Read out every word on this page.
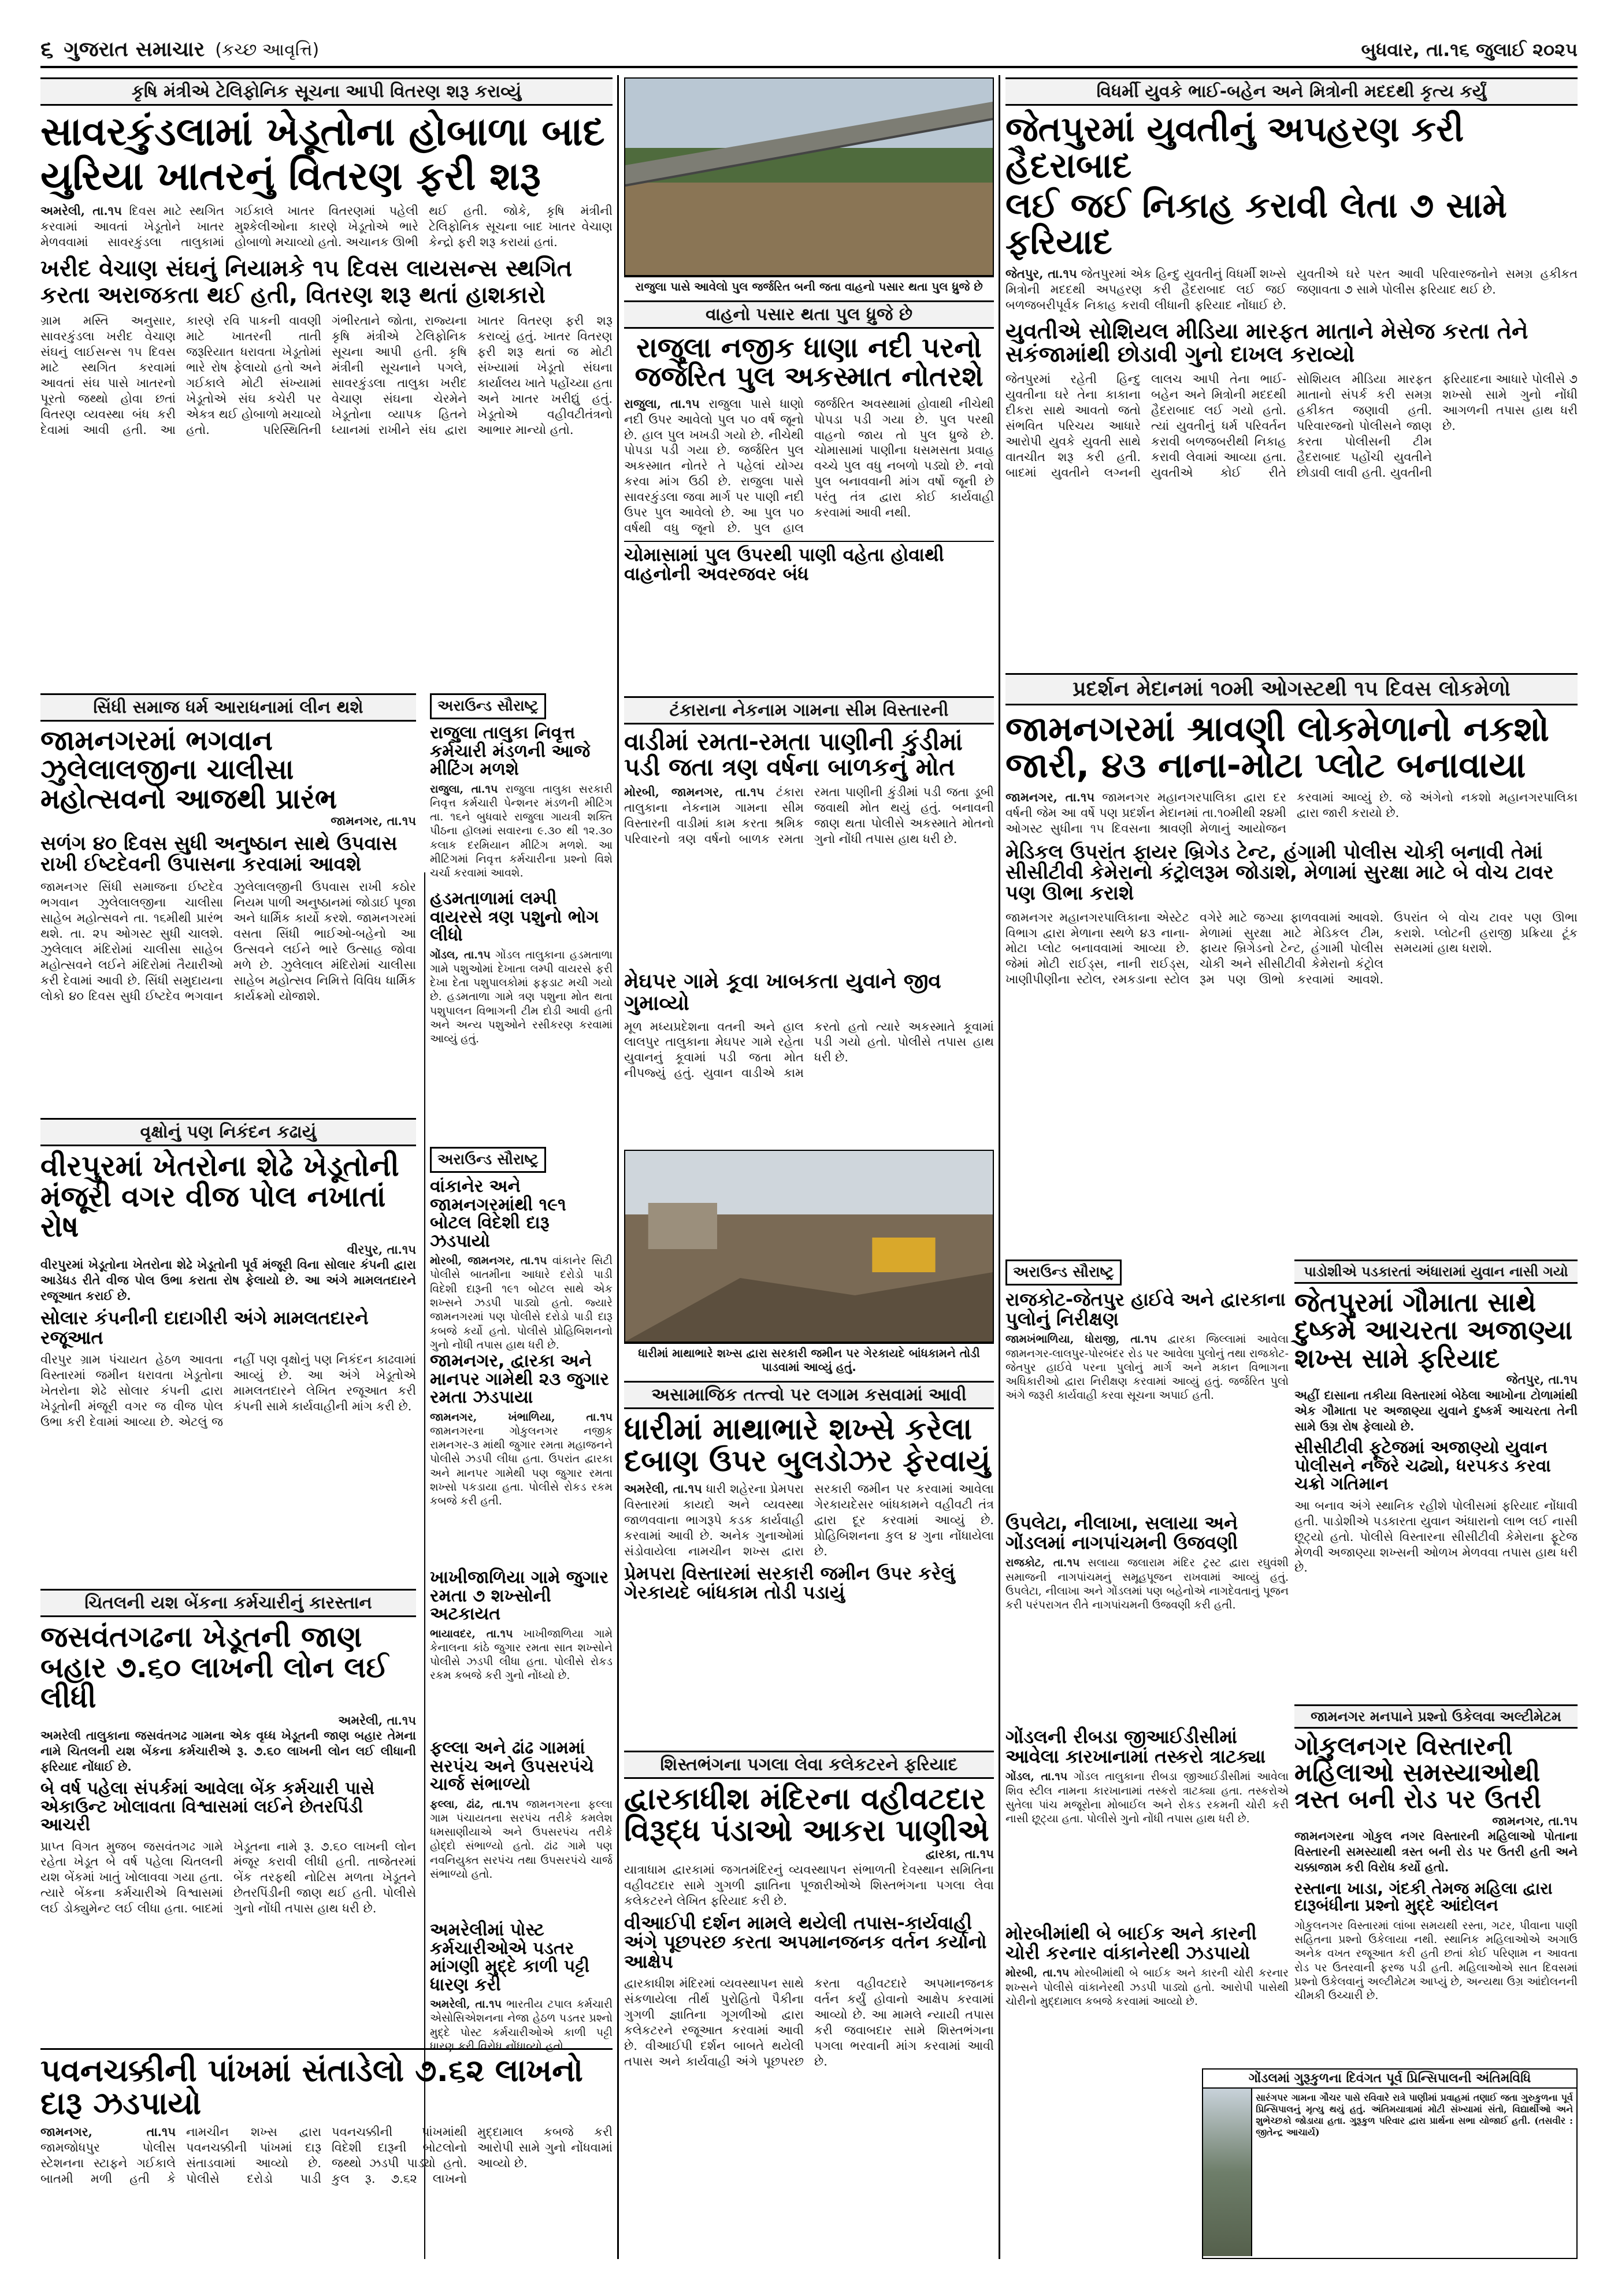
૬ ગુજરાત સમાચાર (કચ્છ આવૃત્તિ)	બુધવાર, તા.૧૬ જુલાઈ ૨૦૨૫
કૃષિ મંત્રીએ ટેલિફોનિક સૂચના આપી વિતરણ શરૂ કરાવ્યું
સાવરકુંડલામાં ખેડૂતોના હોબાળા બાદ
યુરિયા ખાતરનું વિતરણ ફરી શરૂ
અમરેલી, તા.૧૫ દિવસ માટે સ્થગિત કરવામાં આવતાં ખેડૂતોને ખાતર મેળવવામાં સાવરકુંડલા તાલુકામાં ગઈકાલે ખાતર વિતરણમાં પહેલી મુશ્કેલીઓના કારણે ખેડૂતોએ ભારે હોબાળો મચાવ્યો હતો. અચાનક ઊભી થઈ હતી. જોકે, કૃષિ મંત્રીની ટેલિફોનિક સૂચના બાદ ખાતર વેચાણ કેન્દ્રો ફરી શરૂ કરાયાં હતાં.
ખરીદ વેચાણ સંઘનું નિયામકે ૧૫ દિવસ લાયસન્સ સ્થગિત
કરતા અરાજકતા થઈ હતી, વિતરણ શરૂ થતાં હાશકારો
ગ્રામ મસ્તિ અનુસાર, સાવરકુંડલા ખરીદ વેચાણ સંઘનું લાઈસન્સ ૧૫ દિવસ માટે સ્થગિત કરવામાં આવતાં સંઘ પાસે ખાતરનો પૂરતો જથ્થો હોવા છતાં વિતરણ વ્યવસ્થા બંધ કરી દેવામાં આવી હતી. આ કારણે રવિ પાકની વાવણી માટે ખાતરની તાતી જરૂરિયાત ધરાવતા ખેડૂતોમાં ભારે રોષ ફેલાયો હતો અને ગઈકાલે મોટી સંખ્યામાં ખેડૂતોએ સંઘ કચેરી પર એકત્ર થઈ હોબાળો મચાવ્યો હતો. પરિસ્થિતિની ગંભીરતાને જોતા, રાજ્યના કૃષિ મંત્રીએ ટેલિફોનિક સૂચના આપી હતી. કૃષિ મંત્રીની સૂચનાને પગલે, સાવરકુંડલા તાલુકા ખરીદ વેચાણ સંઘના ચેરમેને ખેડૂતોના વ્યાપક હિતને ધ્યાનમાં રાખીને સંઘ દ્વારા ખાતર વિતરણ ફરી શરૂ કરાવ્યું હતું. ખાતર વિતરણ ફરી શરૂ થતાં જ મોટી સંખ્યામાં ખેડૂતો સંઘના કાર્યાલય ખાતે પહોંચ્યા હતા અને ખાતર ખરીદ્યું હતું. ખેડૂતોએ વહીવટીતંત્રનો આભાર માન્યો હતો.
સિંધી સમાજ ધર્મ આરાધનામાં લીન થશે
જામનગરમાં ભગવાન ઝુલેલાલજીના ચાલીસા મહોત્સવનો આજથી પ્રારંભ
જામનગર, તા.૧૫
સળંગ ૪૦ દિવસ સુધી અનુષ્ઠાન સાથે ઉપવાસ રાખી ઈષ્ટદેવની ઉપાસના કરવામાં આવશે
જામનગર સિંધી સમાજના ઈષ્ટદેવ ભગવાન ઝુલેલાલજીના ચાલીસા સાહેબ મહોત્સવને તા. ૧૬મીથી પ્રારંભ થશે. તા. ૨૫ ઓગસ્ટ સુધી ચાલશે. ઝુલેલાલ મંદિરોમાં ચાલીસા સાહેબ મહોત્સવને લઈને મંદિરોમાં તૈયારીઓ કરી દેવામાં આવી છે. સિંધી સમુદાયના લોકો ૪૦ દિવસ સુધી ઈષ્ટદેવ ભગવાન ઝુલેલાલજીની ઉપવાસ રાખી કઠોર નિયમ પાળી અનુષ્ઠાનમાં જોડાઈ પૂજા અને ધાર્મિક કાર્યો કરશે. જામનગરમાં વસતા સિંધી ભાઈઓ-બહેનો આ ઉત્સવને લઈને ભારે ઉત્સાહ જોવા મળે છે. ઝુલેલાલ મંદિરોમાં ચાલીસા સાહેબ મહોત્સવ નિમિત્તે વિવિધ ધાર્મિક કાર્યક્રમો યોજાશે.
અરાઉન્ડ સૌરાષ્ટ્ર
રાજુલા તાલુકા નિવૃત્ત કર્મચારી મંડળની આજે મીટિંગ મળશે
રાજુલા, તા.૧૫ રાજુલા તાલુકા સરકારી નિવૃત્ત કર્મચારી પેન્શનર મંડળની મીટિંગ તા. ૧૬ને બુધવારે રાજુલા ગાયત્રી શક્તિ પીઠના હૉલમાં સવારના ૯.૩૦ થી ૧૨.૩૦ કલાક દરમિયાન મીટિંગ મળશે. આ મીટિંગમાં નિવૃત્ત કર્મચારીના પ્રશ્નો વિશે ચર્ચા કરવામાં આવશે.
હડમતાળામાં લમ્પી વાયરસે ત્રણ પશુનો ભોગ લીધો
ગોંડલ, તા.૧૫ ગોંડલ તાલુકાના હડમતાળા ગામે પશુઓમાં દેખાતા લમ્પી વાયરસે ફરી દેખા દેતા પશુપાલકોમાં ફફડાટ મચી ગયો છે. હડમતાળા ગામે ત્રણ પશુના મોત થતા પશુપાલન વિભાગની ટીમ દોડી આવી હતી અને અન્ય પશુઓને રસીકરણ કરવામાં આવ્યું હતું.
વૃક્ષોનું પણ નિકંદન કઢાયું
વીરપુરમાં ખેતરોના શેઢે ખેડૂતોની મંજૂરી વગર વીજ પોલ નખાતાં રોષ
વીરપુર, તા.૧૫
વીરપુરમાં ખેડૂતોના ખેતરોના શેઢે ખેડૂતોની પૂર્વ મંજૂરી વિના સોલાર કંપની દ્વારા આડેધડ રીતે વીજ પોલ ઉભા કરાતા રોષ ફેલાયો છે. આ અંગે મામલતદારને રજૂઆત કરાઈ છે.
સોલાર કંપનીની દાદાગીરી અંગે મામલતદારને રજૂઆત
વીરપુર ગ્રામ પંચાયત હેઠળ આવતા વિસ્તારમાં જમીન ધરાવતા ખેડૂતોના ખેતરોના શેઢે સોલાર કંપની દ્વારા ખેડૂતોની મંજૂરી વગર જ વીજ પોલ ઉભા કરી દેવામાં આવ્યા છે. એટલું જ નહીં પણ વૃક્ષોનું પણ નિકંદન કાઢવામાં આવ્યું છે. આ અંગે ખેડૂતોએ મામલતદારને લેખિત રજૂઆત કરી કંપની સામે કાર્યવાહીની માંગ કરી છે.
અરાઉન્ડ સૌરાષ્ટ્ર
વાંકાનેર અને જામનગરમાંથી ૧૯૧ બોટલ વિદેશી દારૂ ઝડપાયો
મોરબી, જામનગર, તા.૧૫ વાંકાનેર સિટી પોલીસે બાતમીના આધારે દરોડો પાડી વિદેશી દારૂની ૧૯૧ બોટલ સાથે એક શખ્સને ઝડપી પાડ્યો હતો. જ્યારે જામનગરમાં પણ પોલીસે દરોડો પાડી દારૂ કબજે કર્યો હતો. પોલીસે પ્રોહિબિશનનો ગુનો નોંધી તપાસ હાથ ધરી છે.
જામનગર, દ્વારકા અને માનપર ગામેથી ૨૩ જુગાર રમતા ઝડપાયા
જામનગર, ખંભાળિયા, તા.૧૫ જામનગરના ગોકુલનગર નજીક રામનગર-૩ માંથી જુગાર રમતા મહાજનને પોલીસે ઝડપી લીધા હતા. ઉપરાંત દ્વારકા અને માનપર ગામેથી પણ જુગાર રમતા શખ્સો પકડાયા હતા. પોલીસે રોકડ રકમ કબજે કરી હતી.
ચિતલની યશ બેંકના કર્મચારીનું કારસ્તાન
જસવંતગઢના ખેડૂતની જાણ બહાર ૭.૬૦ લાખની લોન લઈ લીધી
અમરેલી, તા.૧૫
અમરેલી તાલુકાના જસવંતગઢ ગામના એક વૃધ્ધ ખેડૂતની જાણ બહાર તેમના નામે ચિતલની યશ બેંકના કર્મચારીએ રૂ. ૭.૬૦ લાખની લોન લઈ લીધાની ફરિયાદ નોંધાઈ છે.
બે વર્ષ પહેલા સંપર્કમાં આવેલા બેંક કર્મચારી પાસે એકાઉન્ટ ખોલાવતા વિશ્વાસમાં લઈને છેતરપિંડી આચરી
પ્રાપ્ત વિગત મુજબ જસવંતગઢ ગામે રહેતા ખેડૂત બે વર્ષ પહેલા ચિતલની યશ બેંકમાં ખાતું ખોલાવવા ગયા હતા. ત્યારે બેંકના કર્મચારીએ વિશ્વાસમાં લઈ ડોક્યુમેન્ટ લઈ લીધા હતા. બાદમાં ખેડૂતના નામે રૂ. ૭.૬૦ લાખની લોન મંજૂર કરાવી લીધી હતી. તાજેતરમાં બેંક તરફથી નોટિસ મળતા ખેડૂતને છેતરપિંડીની જાણ થઈ હતી. પોલીસે ગુનો નોંધી તપાસ હાથ ધરી છે.
ખાખીજાળિયા ગામે જુગાર રમતા ૭ શખ્સોની અટકાયત
ભાયાવદર, તા.૧૫ ખાખીજાળિયા ગામે કેનાલના કાંઠે જુગાર રમતા સાત શખ્સોને પોલીસે ઝડપી લીધા હતા. પોલીસે રોકડ રકમ કબજે કરી ગુનો નોંધ્યો છે.
ફલ્લા અને ઢાંઢ ગામમાં સરપંચ અને ઉપસરપંચે ચાર્જ સંભાળ્યો
ફલ્લા, ઢાંઢ, તા.૧૫ જામનગરના ફલ્લા ગામ પંચાયતના સરપંચ તરીકે કમલેશ ધમસાણીયાએ અને ઉપસરપંચ તરીકે હોદ્દો સંભાળ્યો હતો. ઢાંઢ ગામે પણ નવનિયુક્ત સરપંચ તથા ઉપસરપંચે ચાર્જ સંભાળ્યો હતો.
અમરેલીમાં પોસ્ટ કર્મચારીઓએ પડતર માંગણી મુદ્દે કાળી પટ્ટી ધારણ કરી
અમરેલી, તા.૧૫ ભારતીય ટપાલ કર્મચારી એસોસિએશનના નેજા હેઠળ પડતર પ્રશ્નો મુદ્દે પોસ્ટ કર્મચારીઓએ કાળી પટ્ટી ધારણ કરી વિરોધ નોંધાવ્યો હતો.
પવનચક્કીની પાંખમાં સંતાડેલો ૭.૬૨ લાખનો દારૂ ઝડપાયો
જામનગર, તા.૧૫ જામજોધપુર પોલીસ સ્ટેશનના સ્ટાફને ગઈકાલે બાતમી મળી હતી કે નામચીન શખ્સ દ્વારા પવનચક્કીની પાંખમાં દારૂ સંતાડવામાં આવ્યો છે. પોલીસે દરોડો પાડી પવનચક્કીની પાંખમાંથી વિદેશી દારૂની બોટલોનો જથ્થો ઝડપી પાડ્યો હતો. કુલ રૂ. ૭.૬૨ લાખનો મુદ્દામાલ કબજે કરી આરોપી સામે ગુનો નોંધવામાં આવ્યો છે.
રાજુલા પાસે આવેલો પુલ જર્જરિત બની જતા વાહનો પસાર થતા પુલ ધ્રુજે છે
વાહનો પસાર થતા પુલ ધ્રુજે છે
રાજુલા નજીક ધાણા નદી પરનો જર્જરિત પુલ અકસ્માત નોતરશે
રાજુલા, તા.૧૫ રાજુલા પાસે ધાણો નદી ઉપર આવેલો પુલ ૫૦ વર્ષ જૂનો છે. હાલ પુલ ખખડી ગયો છે. નીચેથી પોપડા પડી ગયા છે. જર્જરિત પુલ અકસ્માત નોતરે તે પહેલાં યોગ્ય કરવા માંગ ઉઠી છે. રાજુલા પાસે સાવરકુંડલા જવા માર્ગ પર પાણી નદી ઉપર પુલ આવેલો છે. આ પુલ ૫૦ વર્ષથી વધુ જૂનો છે. પુલ હાલ જર્જરિત અવસ્થામાં હોવાથી નીચેથી પોપડા પડી ગયા છે. પુલ પરથી વાહનો જાય તો પુલ ધ્રુજે છે. ચોમાસામાં પાણીના ધસમસતા પ્રવાહ વચ્ચે પુલ વધુ નબળો પડ્યો છે. નવો પુલ બનાવવાની માંગ વર્ષો જૂની છે પરંતુ તંત્ર દ્વારા કોઈ કાર્યવાહી કરવામાં આવી નથી.
ચોમાસામાં પુલ ઉપરથી પાણી વહેતા હોવાથી વાહનોની અવરજવર બંધ
ટંકારાના નેકનામ ગામના સીમ વિસ્તારની
વાડીમાં રમતા-રમતા પાણીની કુંડીમાં પડી જતા ત્રણ વર્ષના બાળકનું મોત
મોરબી, જામનગર, તા.૧૫ ટંકારા તાલુકાના નેકનામ ગામના સીમ વિસ્તારની વાડીમાં કામ કરતા શ્રમિક પરિવારનો ત્રણ વર્ષનો બાળક રમતા રમતા પાણીની કુંડીમાં પડી જતા ડૂબી જવાથી મોત થયું હતું. બનાવની જાણ થતા પોલીસે અકસ્માતે મોતનો ગુનો નોંધી તપાસ હાથ ધરી છે.
મેઘપર ગામે કૂવા ખાબકતા યુવાને જીવ ગુમાવ્યો
મૂળ મધ્યપ્રદેશના વતની અને હાલ લાલપુર તાલુકાના મેઘપર ગામે રહેતા યુવાનનું કૂવામાં પડી જતા મોત નીપજ્યું હતું. યુવાન વાડીએ કામ કરતો હતો ત્યારે અકસ્માતે કૂવામાં પડી ગયો હતો. પોલીસે તપાસ હાથ ધરી છે.
ધારીમાં માથાભારે શખ્સ દ્વારા સરકારી જમીન પર ગેરકાયદે બાંધકામને તોડી પાડવામાં આવ્યું હતું.
અસામાજિક તત્ત્વો પર લગામ કસવામાં આવી
ધારીમાં માથાભારે શખ્સે કરેલા દબાણ ઉપર બુલડોઝર ફેરવાયું
અમરેલી, તા.૧૫ ધારી શહેરના પ્રેમપરા વિસ્તારમાં કાયદો અને વ્યવસ્થા જાળવવાના ભાગરૂપે કડક કાર્યવાહી કરવામાં આવી છે. અનેક ગુનાઓમાં સંડોવાયેલા નામચીન શખ્સ દ્વારા સરકારી જમીન પર કરવામાં આવેલા ગેરકાયદેસર બાંધકામને વહીવટી તંત્ર દ્વારા દૂર કરવામાં આવ્યું છે. પ્રોહિબિશનના કુલ ૪ ગુના નોંધાયેલા છે.
પ્રેમપરા વિસ્તારમાં સરકારી જમીન ઉપર કરેલું ગેરકાયદે બાંધકામ તોડી પડાયું
શિસ્તભંગના પગલા લેવા કલેકટરને ફરિયાદ
દ્વારકાધીશ મંદિરના વહીવટદાર વિરૂદ્ધ પંડાઓ આકરા પાણીએ
દ્વારકા, તા.૧૫
યાત્રાધામ દ્વારકામાં જગતમંદિરનું વ્યવસ્થાપન સંભાળતી દેવસ્થાન સમિતિના વહીવટદાર સામે ગુગળી જ્ઞાતિના પૂજારીઓએ શિસ્તભંગના પગલા લેવા કલેકટરને લેખિત ફરિયાદ કરી છે.
વીઆઈપી દર્શન મામલે થયેલી તપાસ-કાર્યવાહી અંગે પૂછપરછ કરતા અપમાનજનક વર્તન કર્યાનો આક્ષેપ
દ્વારકાધીશ મંદિરમાં વ્યવસ્થાપન સાથે સંકળાયેલા તીર્થ પુરોહિતો પૈકીના ગુગળી જ્ઞાતિના ગૂગળીઓ દ્વારા કલેકટરને રજૂઆત કરવામાં આવી છે. વીઆઈપી દર્શન બાબતે થયેલી તપાસ અને કાર્યવાહી અંગે પૂછપરછ કરતા વહીવટદારે અપમાનજનક વર્તન કર્યું હોવાનો આક્ષેપ કરવામાં આવ્યો છે. આ મામલે ન્યાયી તપાસ કરી જવાબદાર સામે શિસ્તભંગના પગલા ભરવાની માંગ કરવામાં આવી છે.
વિધર્મી યુવકે ભાઈ-બહેન અને મિત્રોની મદદથી કૃત્ય કર્યું
જેતપુરમાં યુવતીનું અપહરણ કરી હૈદરાબાદ
લઈ જઈ નિકાહ કરાવી લેતા ૭ સામે ફરિયાદ
જેતપુર, તા.૧૫ જેતપુરમાં એક હિન્દુ યુવતીનું વિધર્મી શખ્સે મિત્રોની મદદથી અપહરણ કરી હૈદરાબાદ લઈ જઈ બળજબરીપૂર્વક નિકાહ કરાવી લીધાની ફરિયાદ નોંધાઈ છે. યુવતીએ ઘરે પરત આવી પરિવારજનોને સમગ્ર હકીકત જણાવતા ૭ સામે પોલીસ ફરિયાદ થઈ છે.
યુવતીએ સોશિયલ મીડિયા મારફત માતાને મેસેજ કરતા તેને સકંજામાંથી છોડાવી ગુનો દાખલ કરાવ્યો
જેતપુરમાં રહેતી હિન્દુ યુવતીના ઘરે તેના કાકાના દીકરા સાથે આવતો જતો સંભવિત પરિચય આધારે આરોપી યુવકે યુવતી સાથે વાતચીત શરૂ કરી હતી. બાદમાં યુવતીને લગ્નની લાલચ આપી તેના ભાઈ-બહેન અને મિત્રોની મદદથી હૈદરાબાદ લઈ ગયો હતો. ત્યાં યુવતીનું ધર્મ પરિવર્તન કરાવી બળજબરીથી નિકાહ કરાવી લેવામાં આવ્યા હતા. યુવતીએ કોઈ રીતે સોશિયલ મીડિયા મારફત માતાનો સંપર્ક કરી સમગ્ર હકીકત જણાવી હતી. પરિવારજનો પોલીસને જાણ કરતા પોલીસની ટીમ હૈદરાબાદ પહોંચી યુવતીને છોડાવી લાવી હતી. યુવતીની ફરિયાદના આધારે પોલીસે ૭ શખ્સો સામે ગુનો નોંધી આગળની તપાસ હાથ ધરી છે.
પ્રદર્શન મેદાનમાં ૧૦મી ઓગસ્ટથી ૧૫ દિવસ લોકમેળો
જામનગરમાં શ્રાવણી લોકમેળાનો નકશો જારી, ૪૩ નાના-મોટા પ્લોટ બનાવાયા
જામનગર, તા.૧૫ જામનગર મહાનગરપાલિકા દ્વારા દર વર્ષની જેમ આ વર્ષે પણ પ્રદર્શન મેદાનમાં તા.૧૦મીથી ૨૪મી ઓગસ્ટ સુધીના ૧૫ દિવસના શ્રાવણી મેળાનું આયોજન કરવામાં આવ્યું છે. જે અંગેનો નકશો મહાનગરપાલિકા દ્વારા જારી કરાયો છે.
મેડિકલ ઉપરાંત ફાયર બ્રિગેડ ટેન્ટ, હંગામી પોલીસ ચોકી બનાવી તેમાં સીસીટીવી કેમેરાનો કંટ્રોલરૂમ જોડાશે, મેળામાં સુરક્ષા માટે બે વોચ ટાવર પણ ઊભા કરાશે
જામનગર મહાનગરપાલિકાના એસ્ટેટ વિભાગ દ્વારા મેળાના સ્થળે ૪૩ નાના-મોટા પ્લોટ બનાવવામાં આવ્યા છે. જેમાં મોટી રાઈડ્સ, નાની રાઈડ્સ, ખાણીપીણીના સ્ટોલ, રમકડાના સ્ટોલ વગેરે માટે જગ્યા ફાળવવામાં આવશે. મેળામાં સુરક્ષા માટે મેડિકલ ટીમ, ફાયર બ્રિગેડનો ટેન્ટ, હંગામી પોલીસ ચોકી અને સીસીટીવી કેમેરાનો કંટ્રોલ રૂમ પણ ઊભો કરવામાં આવશે. ઉપરાંત બે વોચ ટાવર પણ ઊભા કરાશે. પ્લોટની હરાજી પ્રક્રિયા ટૂંક સમયમાં હાથ ધરાશે.
પાડોશીએ પડકારતાં અંધારામાં યુવાન નાસી ગયો
જેતપુરમાં ગૌમાતા સાથે દુષ્કર્મ આચરતા અજાણ્યા શખ્સ સામે ફરિયાદ
જેતપુર, તા.૧૫
અહીં દાસાના તકીયા વિસ્તારમાં બેઠેલા આખોના ટોળામાંથી એક ગૌમાતા પર અજાણ્યા યુવાને દુષ્કર્મ આચરતા તેની સામે ઉગ્ર રોષ ફેલાયો છે.
સીસીટીવી ફૂટેજમાં અજાણ્યો યુવાન પોલીસને નજરે ચઢ્યો, ધરપકડ કરવા ચક્રો ગતિમાન
આ બનાવ અંગે સ્થાનિક રહીશે પોલીસમાં ફરિયાદ નોંધાવી હતી. પાડોશીએ પડકારતા યુવાન અંધારાનો લાભ લઈ નાસી છૂટ્યો હતો. પોલીસે વિસ્તારના સીસીટીવી કેમેરાના ફૂટેજ મેળવી અજાણ્યા શખ્સની ઓળખ મેળવવા તપાસ હાથ ધરી છે.
અરાઉન્ડ સૌરાષ્ટ્ર
રાજકોટ-જેતપુર હાઈવે અને દ્વારકાના પુલોનું નિરીક્ષણ
જામખંભાળિયા, ધોરાજી, તા.૧૫ દ્વારકા જિલ્લામાં આવેલા જામનગર-લાલપુર-પોરબંદર રોડ પર આવેલા પુલોનું તથા રાજકોટ-જેતપુર હાઈવે પરના પુલોનું માર્ગ અને મકાન વિભાગના અધિકારીઓ દ્વારા નિરીક્ષણ કરવામાં આવ્યું હતું. જર્જરિત પુલો અંગે જરૂરી કાર્યવાહી કરવા સૂચના અપાઈ હતી.
ઉપલેટા, નીલાખા, સલાયા અને ગોંડલમાં નાગપાંચમની ઉજવણી
રાજકોટ, તા.૧૫ સલાયા જલારામ મંદિર ટ્રસ્ટ દ્વારા રઘુવંશી સમાજની નાગપાંચમનું સમૂહપૂજન રાખવામાં આવ્યું હતું. ઉપલેટા, નીલાખા અને ગોંડલમાં પણ બહેનોએ નાગદેવતાનું પૂજન કરી પરંપરાગત રીતે નાગપાંચમની ઉજવણી કરી હતી.
જામનગર મનપાને પ્રશ્નો ઉકેલવા અલ્ટીમેટમ
ગોકુલનગર વિસ્તારની મહિલાઓ સમસ્યાઓથી ત્રસ્ત બની રોડ પર ઉતરી
જામનગર, તા.૧૫
જામનગરના ગોકુલ નગર વિસ્તારની મહિલાઓ પોતાના વિસ્તારની સમસ્યાથી ત્રસ્ત બની રોડ પર ઉતરી હતી અને ચક્કાજામ કરી વિરોધ કર્યો હતો.
રસ્તાના ખાડા, ગંદકી તેમજ મહિલા દ્વારા દારૂબંધીના પ્રશ્નો મુદ્દે આંદોલન
ગોકુલનગર વિસ્તારમાં લાંબા સમયથી રસ્તા, ગટર, પીવાના પાણી સહિતના પ્રશ્નો ઉકેલાયા નથી. સ્થાનિક મહિલાઓએ અગાઉ અનેક વખત રજૂઆત કરી હતી છતાં કોઈ પરિણામ ન આવતા રોડ પર ઉતરવાની ફરજ પડી હતી. મહિલાઓએ સાત દિવસમાં પ્રશ્નો ઉકેલવાનું અલ્ટીમેટમ આપ્યું છે, અન્યથા ઉગ્ર આંદોલનની ચીમકી ઉચ્ચારી છે.
ગોંડલની રીબડા જીઆઈડીસીમાં આવેલા કારખાનામાં તસ્કરો ત્રાટક્યા
ગોંડલ, તા.૧૫ ગોંડલ તાલુકાના રીબડા જીઆઈડીસીમાં આવેલા શિવ સ્ટીલ નામના કારખાનામાં તસ્કરો ત્રાટક્યા હતા. તસ્કરોએ સુતેલા પાંચ મજૂરોના મોબાઈલ અને રોકડ રકમની ચોરી કરી નાસી છૂટ્યા હતા. પોલીસે ગુનો નોંધી તપાસ હાથ ધરી છે.
મોરબીમાંથી બે બાઈક અને કારની ચોરી કરનાર વાંકાનેરથી ઝડપાયો
મોરબી, તા.૧૫ મોરબીમાંથી બે બાઈક અને કારની ચોરી કરનાર શખ્સને પોલીસે વાંકાનેરથી ઝડપી પાડ્યો હતો. આરોપી પાસેથી ચોરીનો મુદ્દામાલ કબજે કરવામાં આવ્યો છે.
ગોંડલમાં ગુરૂકુળના દિવંગત પૂર્વ પ્રિન્સિપાલની અંતિમવિધિ
સારંગપર ગામના ગૌચર પાસે રવિવારે રાત્રે પાણીમાં પ્રવાહમાં તણાઈ જતા ગુરુકુળના પૂર્વ પ્રિન્સિપાલનું મૃત્યુ થયું હતું. અંતિમયાત્રામાં મોટી સંખ્યામાં સંતો, વિદ્યાર્થીઓ અને શુભેચ્છકો જોડાયા હતા. ગુરૂકુળ પરિવાર દ્વારા પ્રાર્થના સભા યોજાઈ હતી. (તસવીર : જીતેન્દ્ર આચાર્ય)
